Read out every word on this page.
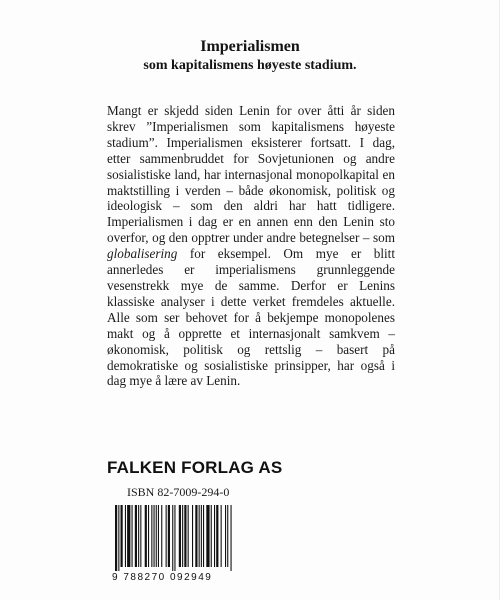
Imperialismen
som kapitalismens høyeste stadium.
Mangt er skjedd siden Lenin for over åtti år siden skrev ”Imperialismen som kapitalismens høyeste stadium”. Imperialismen eksisterer fortsatt. I dag, etter sammenbruddet for Sovjetunionen og andre sosialistiske land, har internasjonal monopolkapital en maktstilling i verden – både økonomisk, politisk og ideologisk – som den aldri har hatt tidligere. Imperialismen i dag er en annen enn den Lenin sto overfor, og den opptrer under andre betegnelser – som globalisering for eksempel. Om mye er blitt annerledes er imperialismens grunnleggende vesenstrekk mye de samme. Derfor er Lenins klassiske analyser i dette verket fremdeles aktuelle. Alle som ser behovet for å bekjempe monopolenes makt og å opprette et internasjonalt samkvem – økonomisk, politisk og rettslig – basert på demokratiske og sosialistiske prinsipper, har også i dag mye å lære av Lenin.
FALKEN FORLAG AS
ISBN 82-7009-294-0
9 788270 092949
